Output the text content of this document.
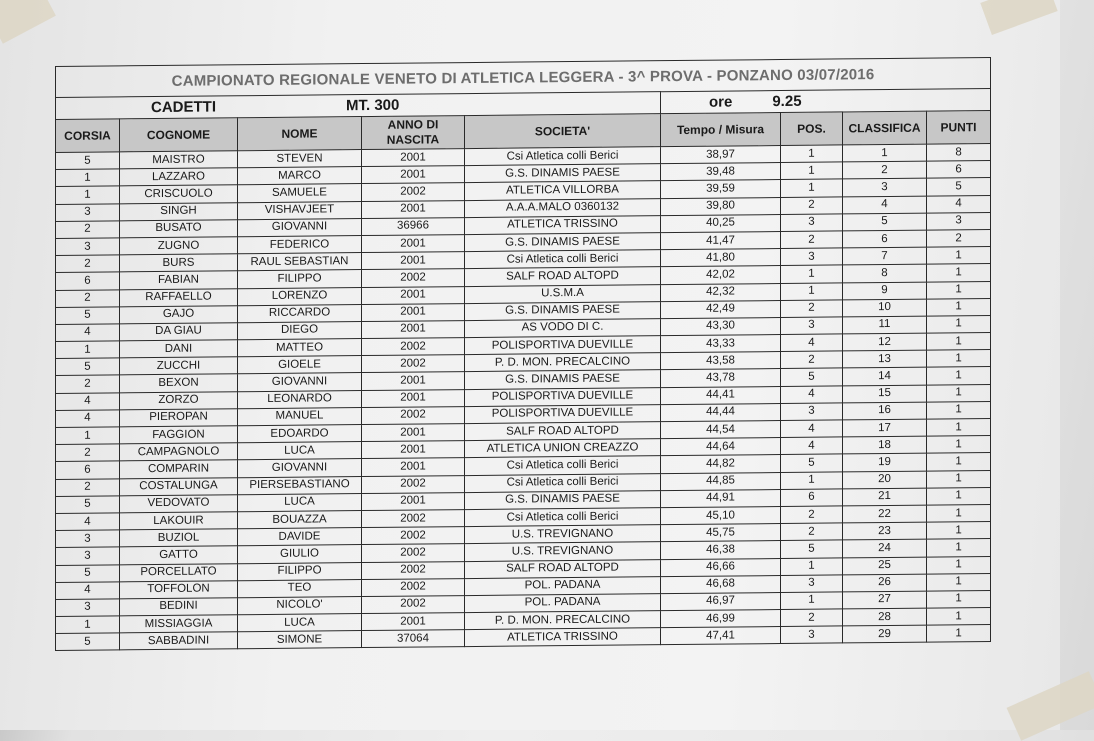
CAMPIONATO REGIONALE VENETO DI ATLETICA LEGGERA - 3^ PROVA - PONZANO 03/07/2016								
CADETTI MT. 300					ore 9.25			
CORSIA	COGNOME	NOME	ANNO DI
NASCITA	SOCIETA'	Tempo / Misura	POS.	CLASSIFICA	PUNTI
5	MAISTRO	STEVEN	2001	Csi Atletica colli Berici	38,97	1	1	8
1	LAZZARO	MARCO	2001	G.S. DINAMIS PAESE	39,48	1	2	6
1	CRISCUOLO	SAMUELE	2002	ATLETICA VILLORBA	39,59	1	3	5
3	SINGH	VISHAVJEET	2001	A.A.A.MALO 0360132	39,80	2	4	4
2	BUSATO	GIOVANNI	36966	ATLETICA TRISSINO	40,25	3	5	3
3	ZUGNO	FEDERICO	2001	G.S. DINAMIS PAESE	41,47	2	6	2
2	BURS	RAUL SEBASTIAN	2001	Csi Atletica colli Berici	41,80	3	7	1
6	FABIAN	FILIPPO	2002	SALF ROAD ALTOPD	42,02	1	8	1
2	RAFFAELLO	LORENZO	2001	U.S.M.A	42,32	1	9	1
5	GAJO	RICCARDO	2001	G.S. DINAMIS PAESE	42,49	2	10	1
4	DA GIAU	DIEGO	2001	AS VODO DI C.	43,30	3	11	1
1	DANI	MATTEO	2002	POLISPORTIVA DUEVILLE	43,33	4	12	1
5	ZUCCHI	GIOELE	2002	P. D. MON. PRECALCINO	43,58	2	13	1
2	BEXON	GIOVANNI	2001	G.S. DINAMIS PAESE	43,78	5	14	1
4	ZORZO	LEONARDO	2001	POLISPORTIVA DUEVILLE	44,41	4	15	1
4	PIEROPAN	MANUEL	2002	POLISPORTIVA DUEVILLE	44,44	3	16	1
1	FAGGION	EDOARDO	2001	SALF ROAD ALTOPD	44,54	4	17	1
2	CAMPAGNOLO	LUCA	2001	ATLETICA UNION CREAZZO	44,64	4	18	1
6	COMPARIN	GIOVANNI	2001	Csi Atletica colli Berici	44,82	5	19	1
2	COSTALUNGA	PIERSEBASTIANO	2002	Csi Atletica colli Berici	44,85	1	20	1
5	VEDOVATO	LUCA	2001	G.S. DINAMIS PAESE	44,91	6	21	1
4	LAKOUIR	BOUAZZA	2002	Csi Atletica colli Berici	45,10	2	22	1
3	BUZIOL	DAVIDE	2002	U.S. TREVIGNANO	45,75	2	23	1
3	GATTO	GIULIO	2002	U.S. TREVIGNANO	46,38	5	24	1
5	PORCELLATO	FILIPPO	2002	SALF ROAD ALTOPD	46,66	1	25	1
4	TOFFOLON	TEO	2002	POL. PADANA	46,68	3	26	1
3	BEDINI	NICOLO'	2002	POL. PADANA	46,97	1	27	1
1	MISSIAGGIA	LUCA	2001	P. D. MON. PRECALCINO	46,99	2	28	1
5	SABBADINI	SIMONE	37064	ATLETICA TRISSINO	47,41	3	29	1
